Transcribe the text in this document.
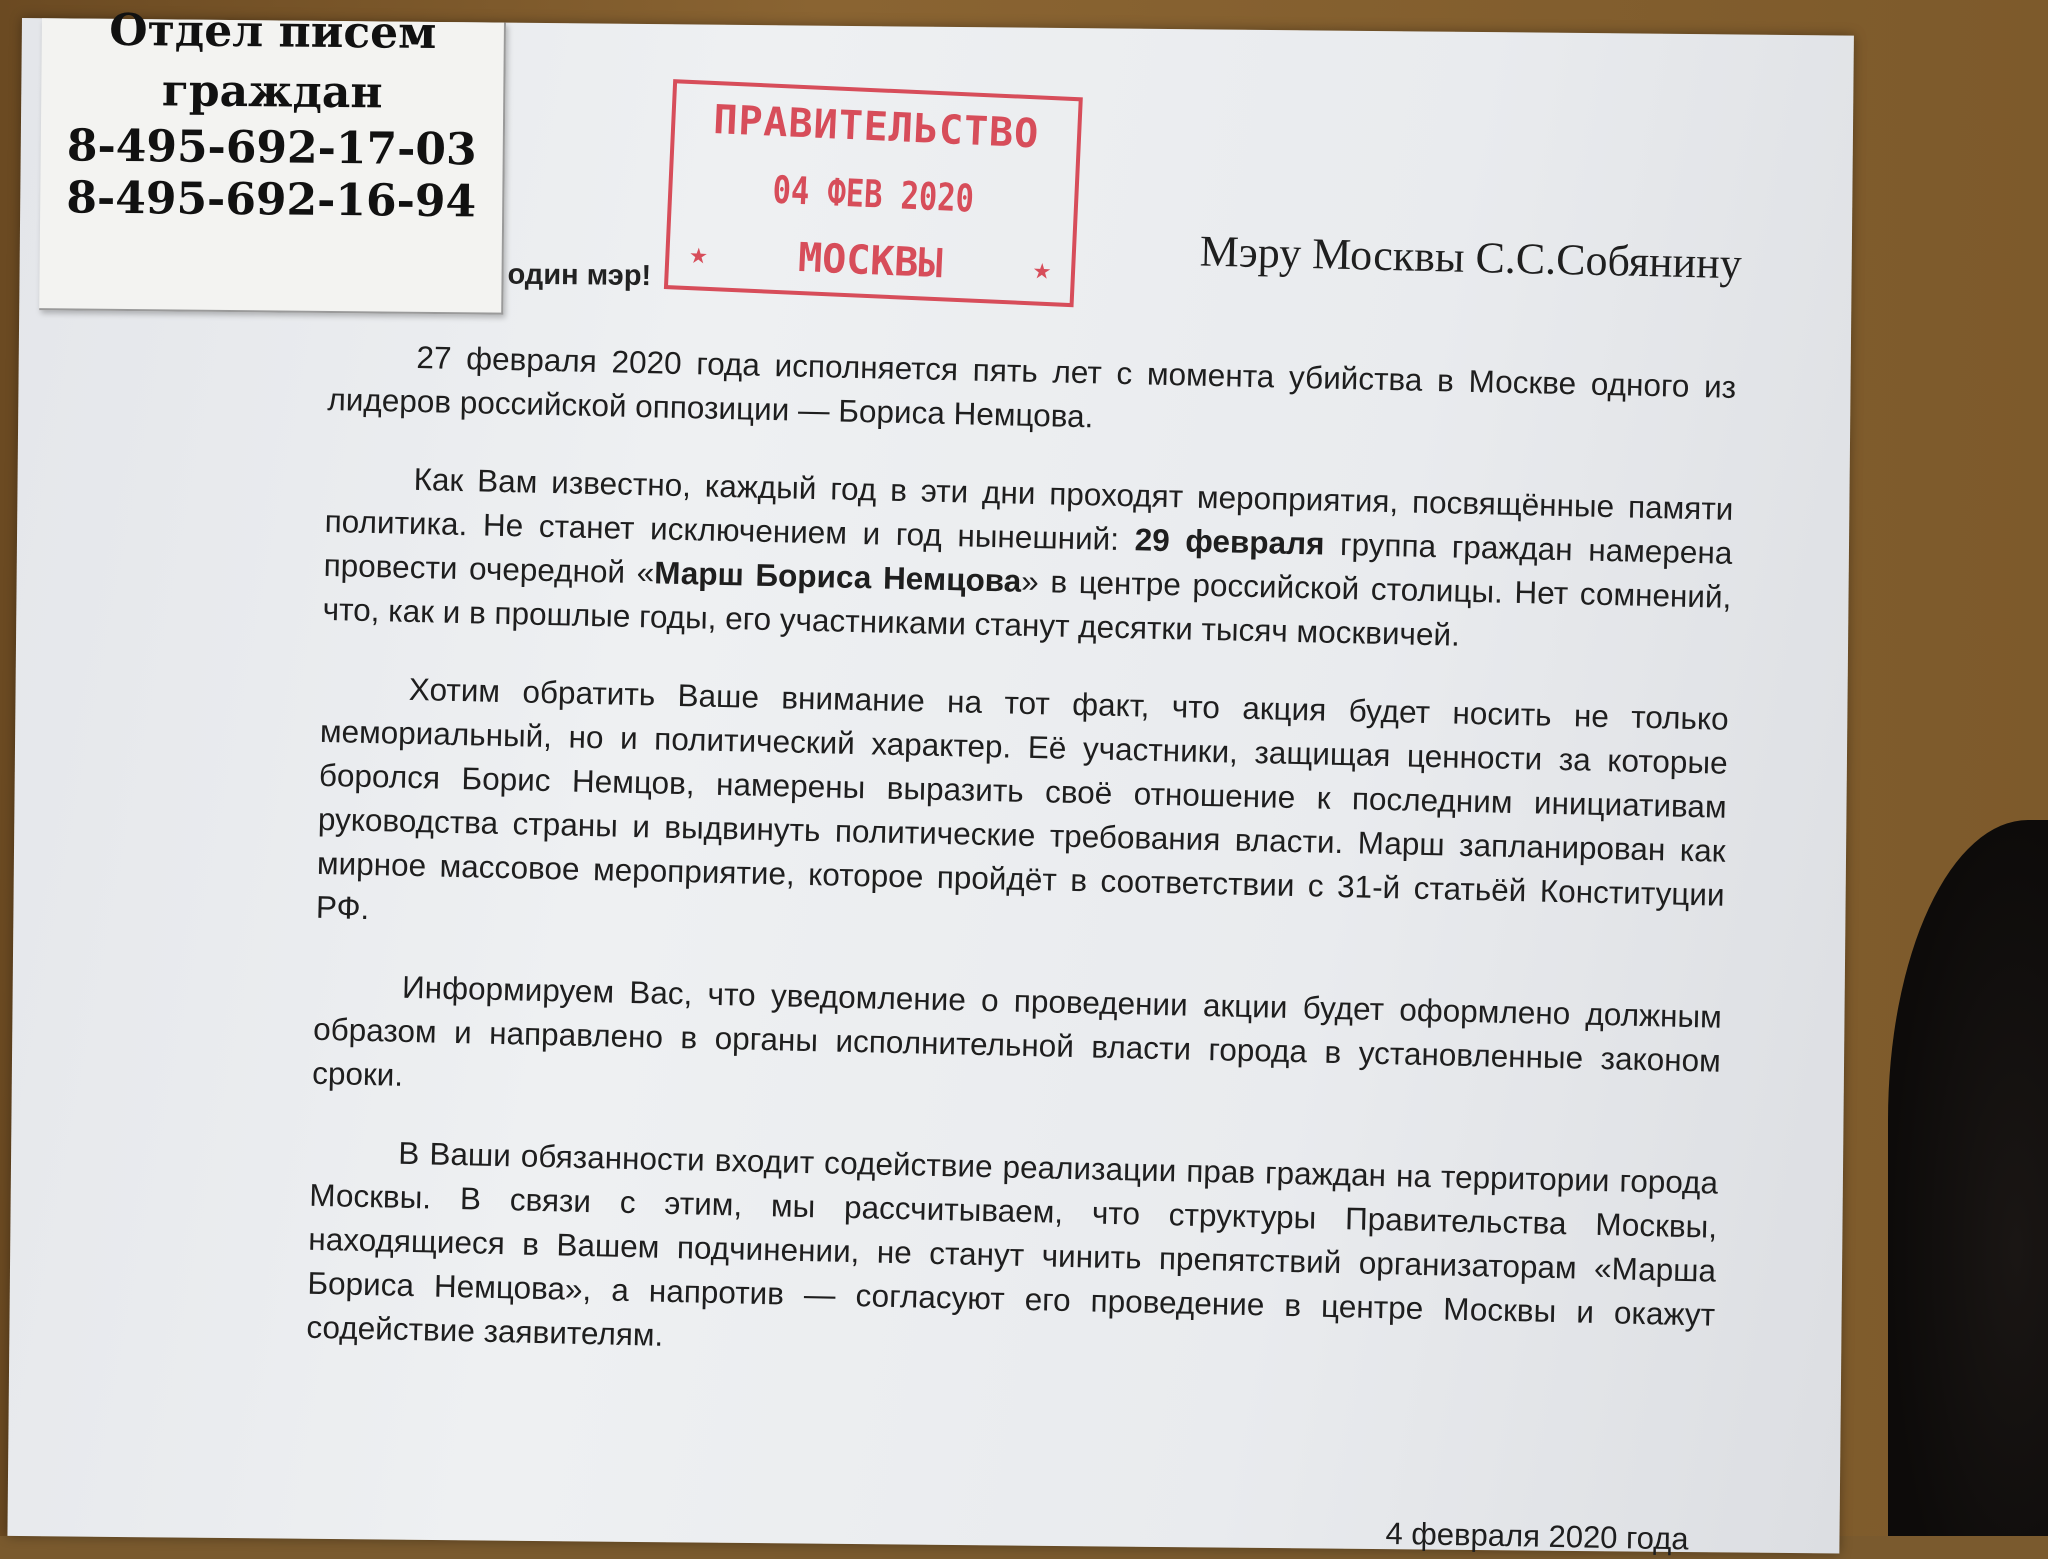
Отдел писем
граждан
8-495-692-17-03
8-495-692-16-94
ПРАВИТЕЛЬСТВО
04 ФЕВ 2020
МОСКВЫ
★	★
один мэр!	Мэру Москвы С.С.Собянину

27 февраля 2020 года исполняется пять лет с момента убийства в Москве одного из лидеров российской оппозиции — Бориса Немцова.

Как Вам известно, каждый год в эти дни проходят мероприятия, посвящённые памяти политика. Не станет исключением и год нынешний: 29 февраля группа граждан намерена провести очередной «Марш Бориса Немцова» в центре российской столицы. Нет сомнений, что, как и в прошлые годы, его участниками станут десятки тысяч москвичей.

Хотим обратить Ваше внимание на тот факт, что акция будет носить не только мемориальный, но и политический характер. Её участники, защищая ценности за которые боролся Борис Немцов, намерены выразить своё отношение к последним инициативам руководства страны и выдвинуть политические требования власти. Марш запланирован как мирное массовое мероприятие, которое пройдёт в соответствии с 31-й статьёй Конституции РФ.

Информируем Вас, что уведомление о проведении акции будет оформлено должным образом и направлено в органы исполнительной власти города в установленные законом сроки.

В Ваши обязанности входит содействие реализации прав граждан на территории города Москвы. В связи с этим, мы рассчитываем, что структуры Правительства Москвы, находящиеся в Вашем подчинении, не станут чинить препятствий организаторам «Марша Бориса Немцова», а напротив — согласуют его проведение в центре Москвы и окажут содействие заявителям.

4 февраля 2020 года
